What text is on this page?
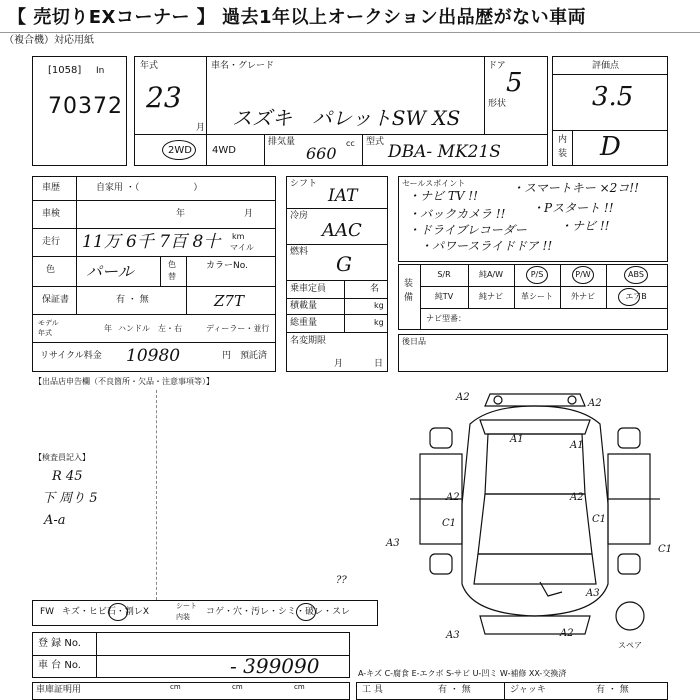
【 売切りEXコーナー 】 過去1年以上オークション出品歴がない車両
（複合機）対応用紙
[1058] In
70372
年式
23
月
車名・グレード
スズキ　パレットSW XS
ドア
5
形状
2WD 4WD
排気量
660
cc 型式 DBA- MK21S
評価点
3.5
内
装 D
車歴	自家用 ・（　　　　　　）
車検	年	月
走行 11万 6千 7百 8十 km
マイル
色 パール	色
替
カラーNo.
保証書	有 ・ 無	Z7T
モデル
年式	年 ハンドル　左・右	ディーラー・並行
リサイクル料金 10980	円 預託済
シフト
IAT
冷房
AAC
燃料 G
乗車定員	名
積載量	kg
総重量	kg
名変期限
月	日
セールスポイント
・ナビ TV !!
・スマートキー ×2コ!!
・バックカメラ !! ・Pスタート !!
・ドライブレコーダー	・ナビ !!
・パワースライドドア !!
装
備
S/R	純A/W	P/S	P/W	ABS
純TV	純ナビ	革シート	外ナビ	エアB
ナビ型番：
後日品
【出品店申告欄（不良箇所・欠品・注意事項等）】
【検査員記入】
R 45
下 周り 5
A-a
A2
A2
A1
A1
A2	A2
C1	C1
A3
C1
A3
A2
A3
スペア
FW キズ・ヒビ石・割レX
シート
内装 コゲ・穴・汚レ・シミ・破レ・スレ
??
登 録 No.
車 台 No.	- 399090
車庫証明用	cm	cm	cm
A-キズ C-腐食 E-エクボ S-サビ U-凹ミ W-補修 XX-交換済
工 具	有 ・ 無	ジャッキ	有 ・ 無
